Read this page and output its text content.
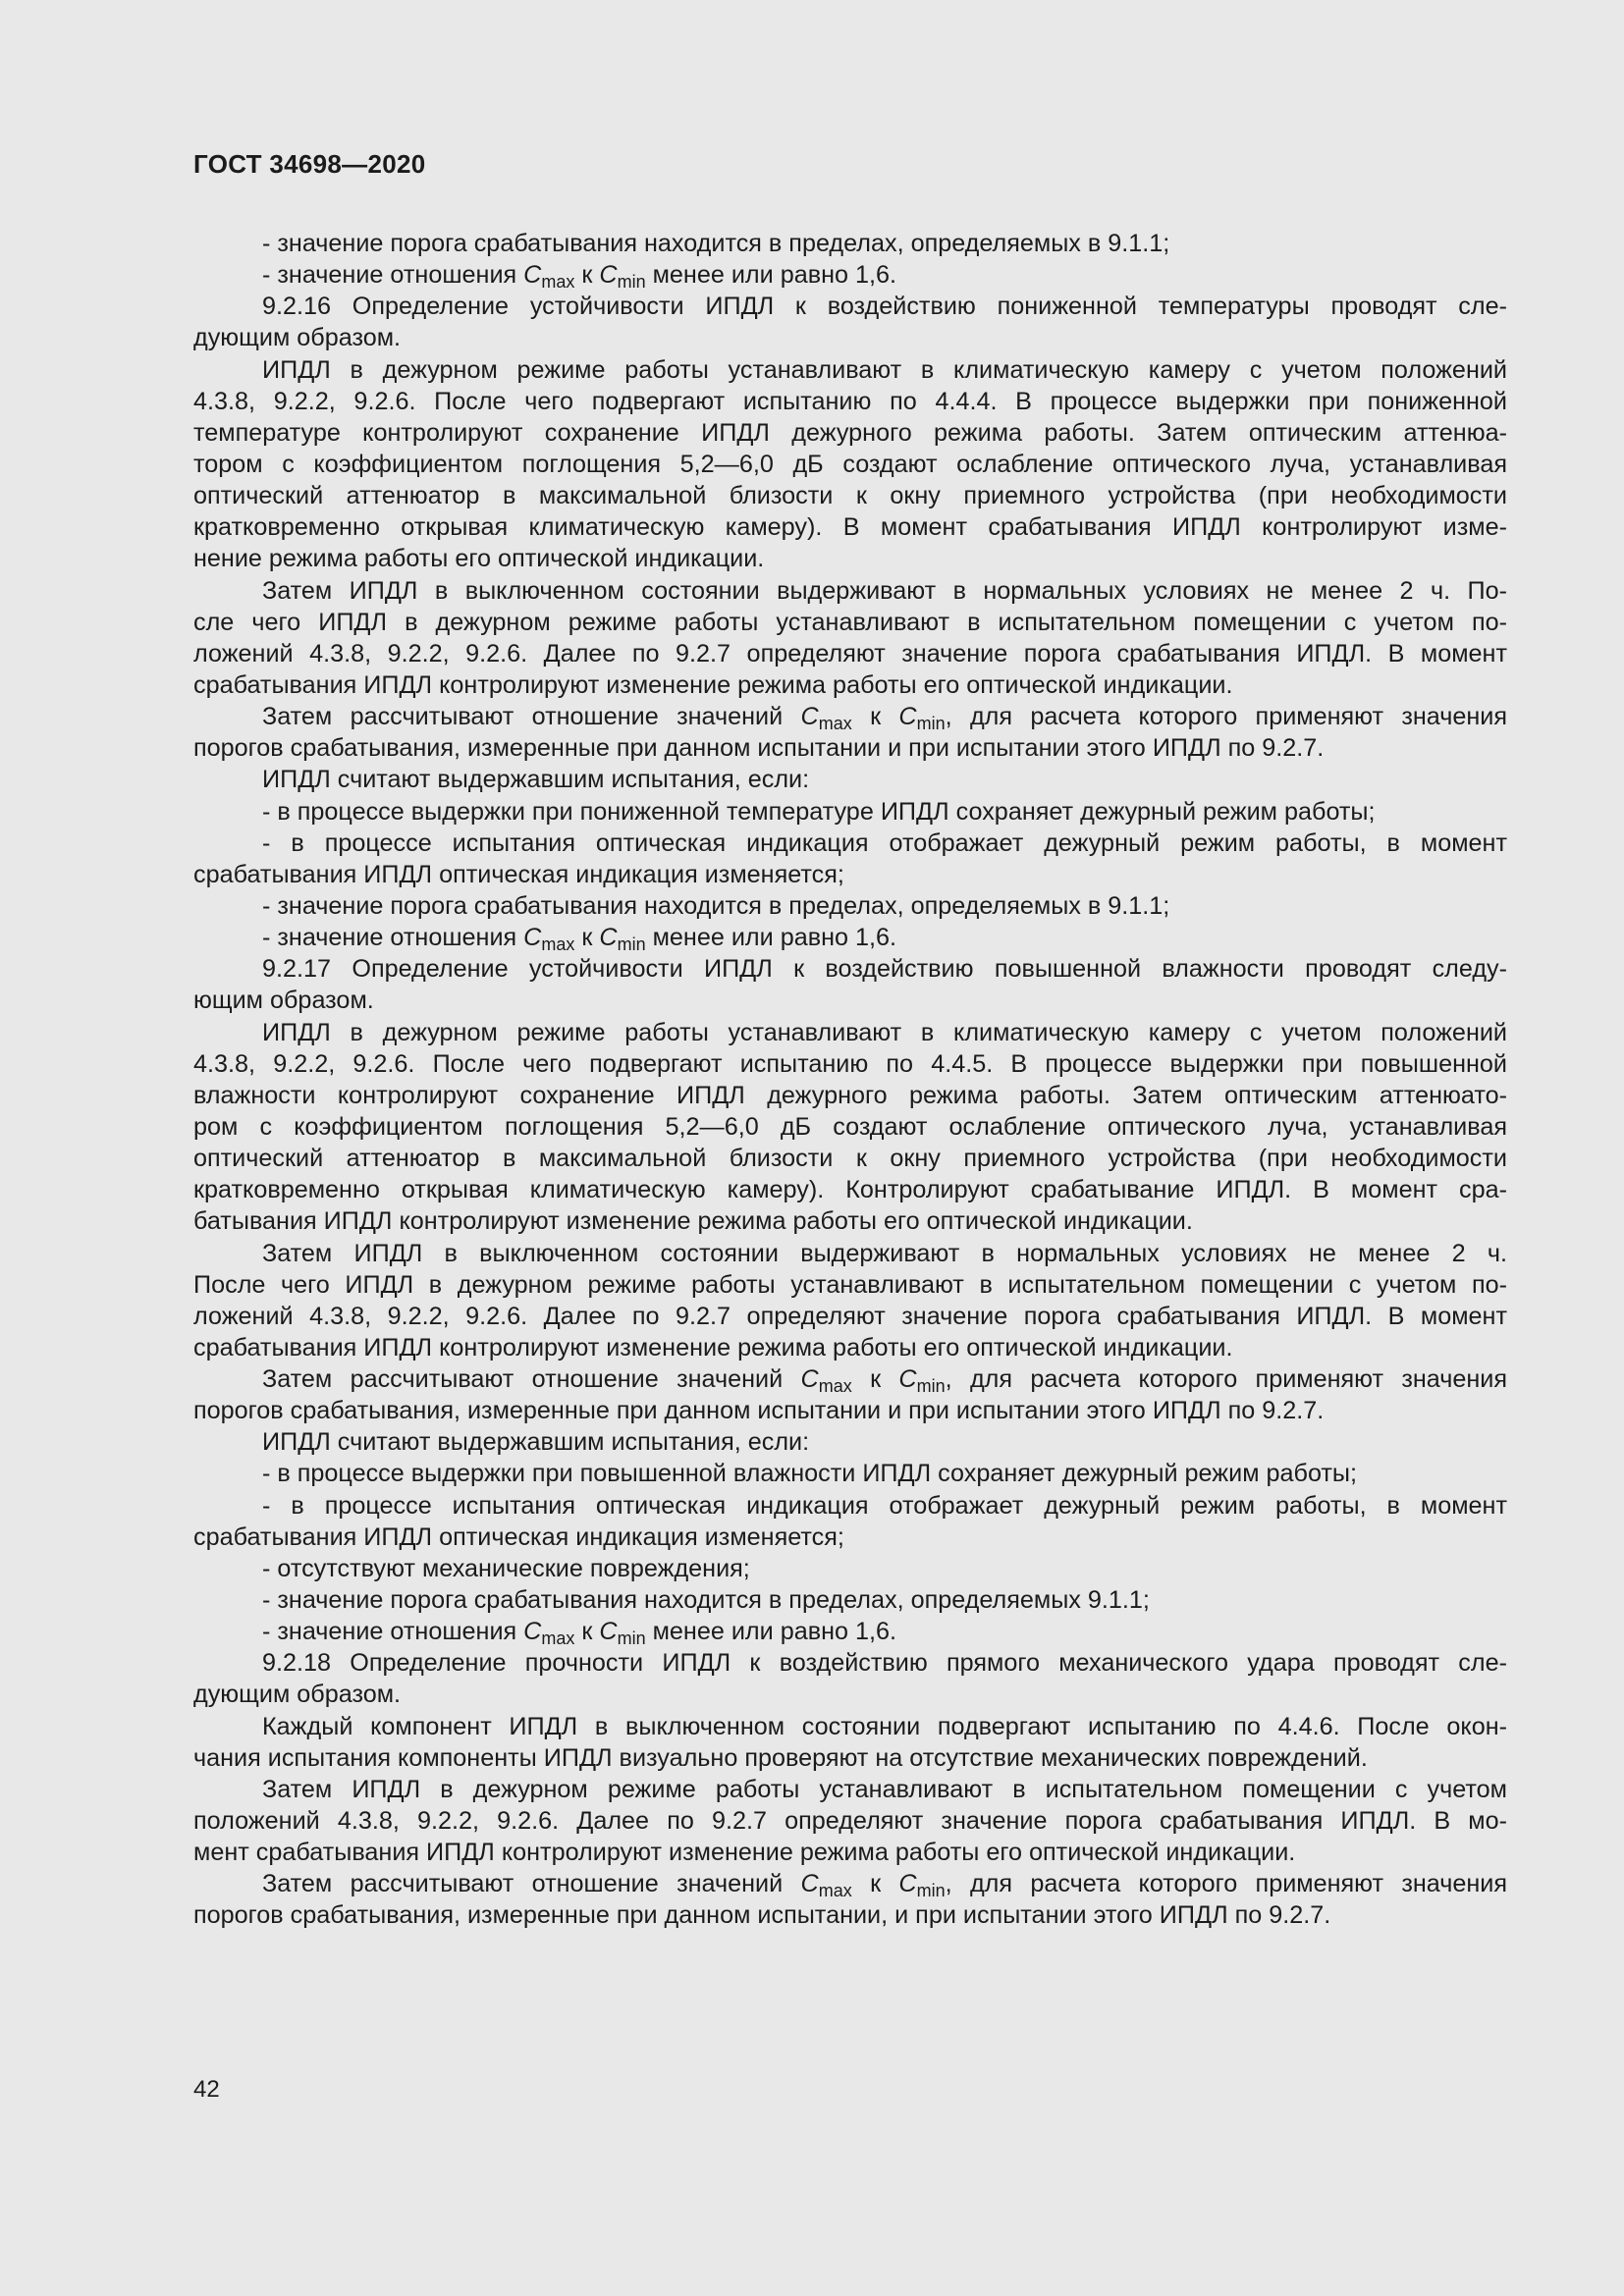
ГОСТ 34698—2020
- значение порога срабатывания находится в пределах, определяемых в 9.1.1;
- значение отношения $C_{max}$ к $C_{min}$ менее или равно 1,6.
9.2.16 Определение устойчивости ИПДЛ к воздействию пониженной температуры проводят сле-
дующим образом.
ИПДЛ в дежурном режиме работы устанавливают в климатическую камеру с учетом положений
4.3.8, 9.2.2, 9.2.6. После чего подвергают испытанию по 4.4.4. В процессе выдержки при пониженной
температуре контролируют сохранение ИПДЛ дежурного режима работы. Затем оптическим аттенюа-
тором с коэффициентом поглощения 5,2—6,0 дБ создают ослабление оптического луча, устанавливая
оптический аттенюатор в максимальной близости к окну приемного устройства (при необходимости
кратковременно открывая климатическую камеру). В момент срабатывания ИПДЛ контролируют изме-
нение режима работы его оптической индикации.
Затем ИПДЛ в выключенном состоянии выдерживают в нормальных условиях не менее 2 ч. По-
сле чего ИПДЛ в дежурном режиме работы устанавливают в испытательном помещении с учетом по-
ложений 4.3.8, 9.2.2, 9.2.6. Далее по 9.2.7 определяют значение порога срабатывания ИПДЛ. В момент
срабатывания ИПДЛ контролируют изменение режима работы его оптической индикации.
Затем рассчитывают отношение значений $C_{max}$ к $C_{min}$, для расчета которого применяют значения
порогов срабатывания, измеренные при данном испытании и при испытании этого ИПДЛ по 9.2.7.
ИПДЛ считают выдержавшим испытания, если:
- в процессе выдержки при пониженной температуре ИПДЛ сохраняет дежурный режим работы;
- в процессе испытания оптическая индикация отображает дежурный режим работы, в момент
срабатывания ИПДЛ оптическая индикация изменяется;
- значение порога срабатывания находится в пределах, определяемых в 9.1.1;
- значение отношения $C_{max}$ к $C_{min}$ менее или равно 1,6.
9.2.17 Определение устойчивости ИПДЛ к воздействию повышенной влажности проводят следу-
ющим образом.
ИПДЛ в дежурном режиме работы устанавливают в климатическую камеру с учетом положений
4.3.8, 9.2.2, 9.2.6. После чего подвергают испытанию по 4.4.5. В процессе выдержки при повышенной
влажности контролируют сохранение ИПДЛ дежурного режима работы. Затем оптическим аттенюато-
ром с коэффициентом поглощения 5,2—6,0 дБ создают ослабление оптического луча, устанавливая
оптический аттенюатор в максимальной близости к окну приемного устройства (при необходимости
кратковременно открывая климатическую камеру). Контролируют срабатывание ИПДЛ. В момент сра-
батывания ИПДЛ контролируют изменение режима работы его оптической индикации.
Затем ИПДЛ в выключенном состоянии выдерживают в нормальных условиях не менее 2 ч.
После чего ИПДЛ в дежурном режиме работы устанавливают в испытательном помещении с учетом по-
ложений 4.3.8, 9.2.2, 9.2.6. Далее по 9.2.7 определяют значение порога срабатывания ИПДЛ. В момент
срабатывания ИПДЛ контролируют изменение режима работы его оптической индикации.
Затем рассчитывают отношение значений $C_{max}$ к $C_{min}$, для расчета которого применяют значения
порогов срабатывания, измеренные при данном испытании и при испытании этого ИПДЛ по 9.2.7.
ИПДЛ считают выдержавшим испытания, если:
- в процессе выдержки при повышенной влажности ИПДЛ сохраняет дежурный режим работы;
- в процессе испытания оптическая индикация отображает дежурный режим работы, в момент
срабатывания ИПДЛ оптическая индикация изменяется;
- отсутствуют механические повреждения;
- значение порога срабатывания находится в пределах, определяемых 9.1.1;
- значение отношения $C_{max}$ к $C_{min}$ менее или равно 1,6.
9.2.18 Определение прочности ИПДЛ к воздействию прямого механического удара проводят сле-
дующим образом.
Каждый компонент ИПДЛ в выключенном состоянии подвергают испытанию по 4.4.6. После окон-
чания испытания компоненты ИПДЛ визуально проверяют на отсутствие механических повреждений.
Затем ИПДЛ в дежурном режиме работы устанавливают в испытательном помещении с учетом
положений 4.3.8, 9.2.2, 9.2.6. Далее по 9.2.7 определяют значение порога срабатывания ИПДЛ. В мо-
мент срабатывания ИПДЛ контролируют изменение режима работы его оптической индикации.
Затем рассчитывают отношение значений $C_{max}$ к $C_{min}$, для расчета которого применяют значения
порогов срабатывания, измеренные при данном испытании, и при испытании этого ИПДЛ по 9.2.7.
42
